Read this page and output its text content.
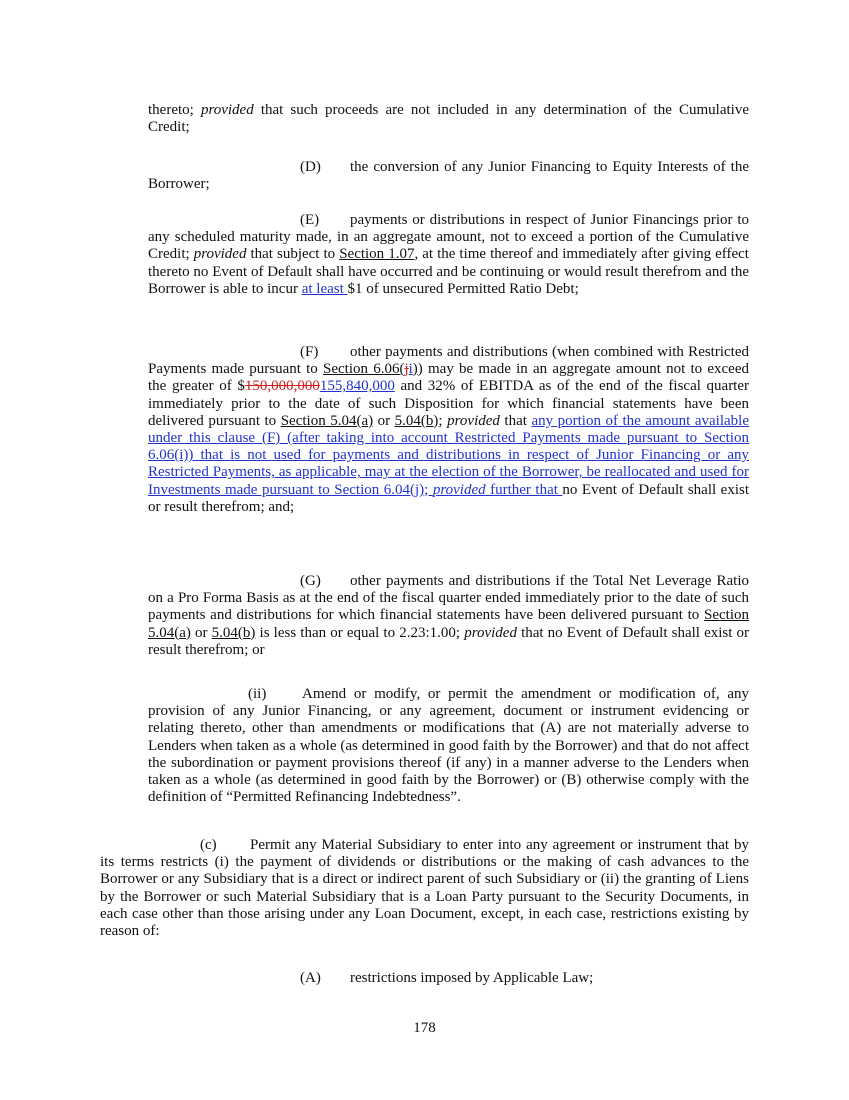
thereto; provided that such proceeds are not included in any determination of the Cumulative Credit;

(D) the conversion of any Junior Financing to Equity Interests of the Borrower;

(E) payments or distributions in respect of Junior Financings prior to any scheduled maturity made, in an aggregate amount, not to exceed a portion of the Cumulative Credit; provided that subject to Section 1.07, at the time thereof and immediately after giving effect thereto no Event of Default shall have occurred and be continuing or would result therefrom and the Borrower is able to incur at least $1 of unsecured Permitted Ratio Debt;

(F) other payments and distributions (when combined with Restricted Payments made pursuant to Section 6.06(ji)) may be made in an aggregate amount not to exceed the greater of $150,000,000155,840,000 and 32% of EBITDA as of the end of the fiscal quarter immediately prior to the date of such Disposition for which financial statements have been delivered pursuant to Section 5.04(a) or 5.04(b); provided that any portion of the amount available under this clause (F) (after taking into account Restricted Payments made pursuant to Section 6.06(i)) that is not used for payments and distributions in respect of Junior Financing or any Restricted Payments, as applicable, may at the election of the Borrower, be reallocated and used for Investments made pursuant to Section 6.04(j); provided further that no Event of Default shall exist or result therefrom; and;

(G) other payments and distributions if the Total Net Leverage Ratio on a Pro Forma Basis as at the end of the fiscal quarter ended immediately prior to the date of such payments and distributions for which financial statements have been delivered pursuant to Section 5.04(a) or 5.04(b) is less than or equal to 2.23:1.00; provided that no Event of Default shall exist or result therefrom; or

(ii) Amend or modify, or permit the amendment or modification of, any provision of any Junior Financing, or any agreement, document or instrument evidencing or relating thereto, other than amendments or modifications that (A) are not materially adverse to Lenders when taken as a whole (as determined in good faith by the Borrower) and that do not affect the subordination or payment provisions thereof (if any) in a manner adverse to the Lenders when taken as a whole (as determined in good faith by the Borrower) or (B) otherwise comply with the definition of “Permitted Refinancing Indebtedness”.

(c) Permit any Material Subsidiary to enter into any agreement or instrument that by its terms restricts (i) the payment of dividends or distributions or the making of cash advances to the Borrower or any Subsidiary that is a direct or indirect parent of such Subsidiary or (ii) the granting of Liens by the Borrower or such Material Subsidiary that is a Loan Party pursuant to the Security Documents, in each case other than those arising under any Loan Document, except, in each case, restrictions existing by reason of:

(A) restrictions imposed by Applicable Law;

178
